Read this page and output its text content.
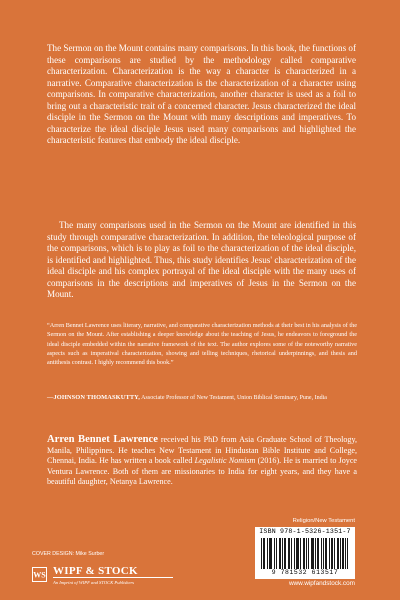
The Sermon on the Mount contains many comparisons. In this book, the functions of these comparisons are studied by the methodology called comparative characterization. Characterization is the way a character is characterized in a narrative. Comparative characterization is the characterization of a character using comparisons. In comparative characterization, another character is used as a foil to bring out a characteristic trait of a concerned character. Jesus characterized the ideal disciple in the Sermon on the Mount with many descriptions and imperatives. To characterize the ideal disciple Jesus used many comparisons and highlighted the characteristic features that embody the ideal disciple.

The many comparisons used in the Sermon on the Mount are identified in this study through comparative characterization. In addition, the teleological purpose of the comparisons, which is to play as foil to the characterization of the ideal disciple, is identified and highlighted. Thus, this study identifies Jesus' characterization of the ideal disciple and his complex portrayal of the ideal disciple with the many uses of comparisons in the descriptions and imperatives of Jesus in the Sermon on the Mount.

“Arren Bennet Lawrence uses literary, narrative, and comparative characterization methods at their best in his analysis of the Sermon on the Mount. After establishing a deeper knowledge about the teaching of Jesus, he endeavors to foreground the ideal disciple embedded within the narrative framework of the text. The author explores some of the noteworthy narrative aspects such as imperatival characterization, showing and telling techniques, rhetorical underpinnings, and thesis and antithesis contrast. I highly recommend this book.”

—JOHNSON THOMASKUTTY, Associate Professor of New Testament, Union Biblical Seminary, Pune, India

Arren Bennet Lawrence received his PhD from Asia Graduate School of Theology, Manila, Philippines. He teaches New Testament in Hindustan Bible Institute and College, Chennai, India. He has written a book called Legalistic Nomism (2016). He is married to Joyce Ventura Lawrence. Both of them are missionaries to India for eight years, and they have a beautiful daughter, Netanya Lawrence.

Religion/New Testament
ISBN 978-1-5326-1351-7
9 781532 613517
COVER DESIGN: Mike Surber
WS WIPF & STOCK
An Imprint of WIPF and STOCK Publishers	www.wipfandstock.com
